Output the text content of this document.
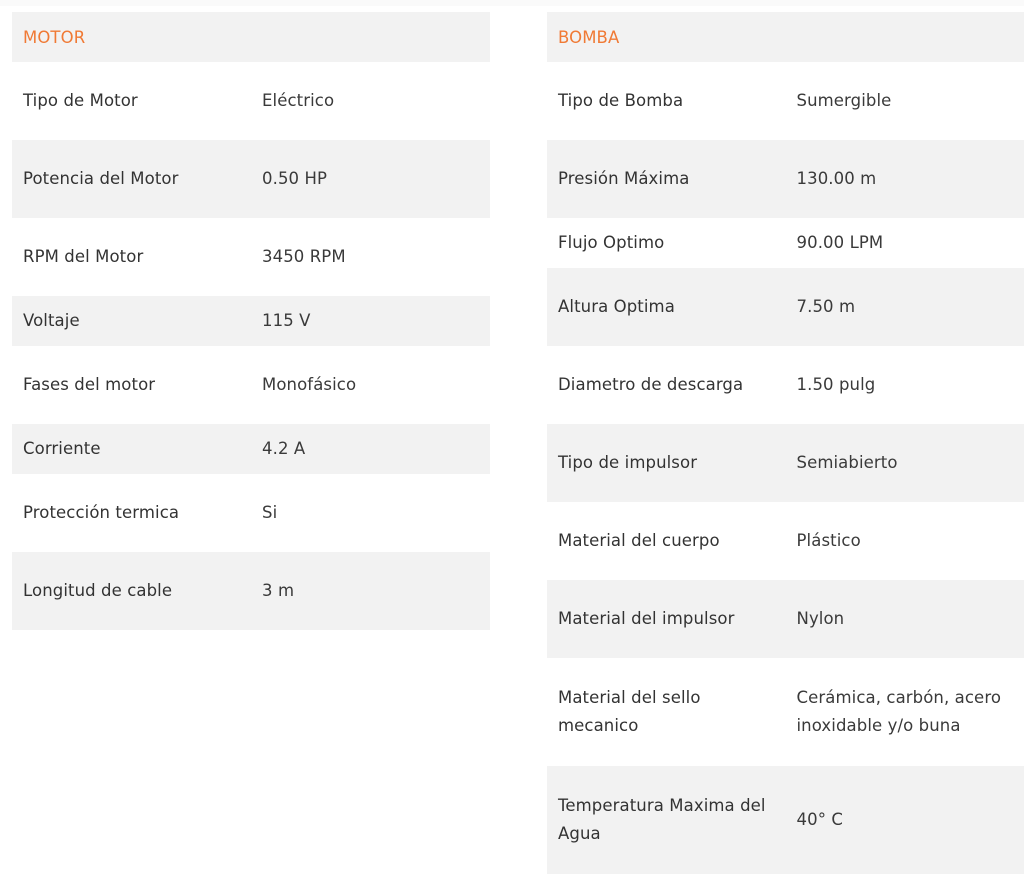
MOTOR	
Tipo de Motor	Eléctrico
Potencia del Motor	0.50 HP
RPM del Motor	3450 RPM
Voltaje	115 V
Fases del motor	Monofásico
Corriente	4.2 A
Protección termica	Si
Longitud de cable	3 m
BOMBA	
Tipo de Bomba	Sumergible
Presión Máxima	130.00 m
Flujo Optimo	90.00 LPM
Altura Optima	7.50 m
Diametro de descarga	1.50 pulg
Tipo de impulsor	Semiabierto
Material del cuerpo	Plástico
Material del impulsor	Nylon
Material del sello mecanico	Cerámica, carbón, acero inoxidable y/o buna
Temperatura Maxima del Agua	40° C
